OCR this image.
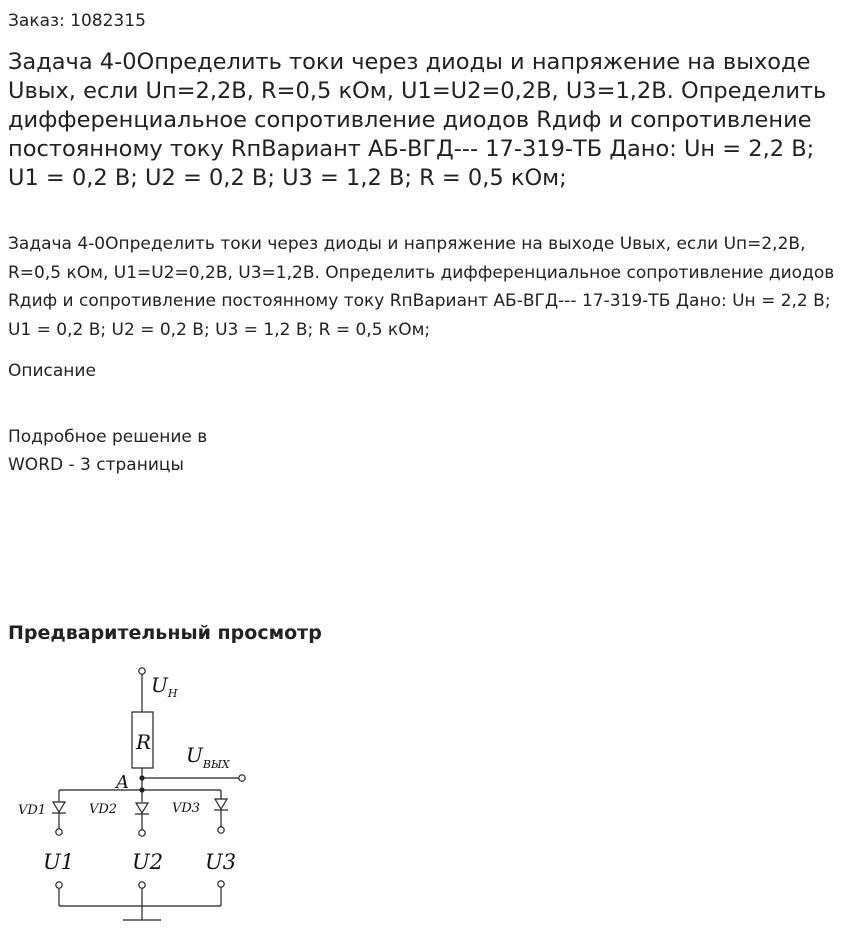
Заказ: 1082315
Задача 4-0Определить токи через диоды и напряжение на выходе Uвых, если Uп=2,2В, R=0,5 кОм, U1=U2=0,2В, U3=1,2В. Определить дифференциальное сопротивление диодов Rдиф и сопротивление постоянному току RпВариант АБ-ВГД--- 17-319-ТБ Дано: Uн = 2,2 В; U1 = 0,2 В; U2 = 0,2 В; U3 = 1,2 В; R = 0,5 кОм;

Задача 4-0Определить токи через диоды и напряжение на выходе Uвых, если Uп=2,2В, R=0,5 кОм, U1=U2=0,2В, U3=1,2В. Определить дифференциальное сопротивление диодов Rдиф и сопротивление постоянному току RпВариант АБ-ВГД--- 17-319-ТБ Дано: Uн = 2,2 В; U1 = 0,2 В; U2 = 0,2 В; U3 = 1,2 В; R = 0,5 кОм;

Описание
Подробное решение в
WORD - 3 страницы
Предварительный просмотр
$U_Н$
R
$U_{ВЫХ}$
A
VD1	VD2	VD3
U1	U2 U3
